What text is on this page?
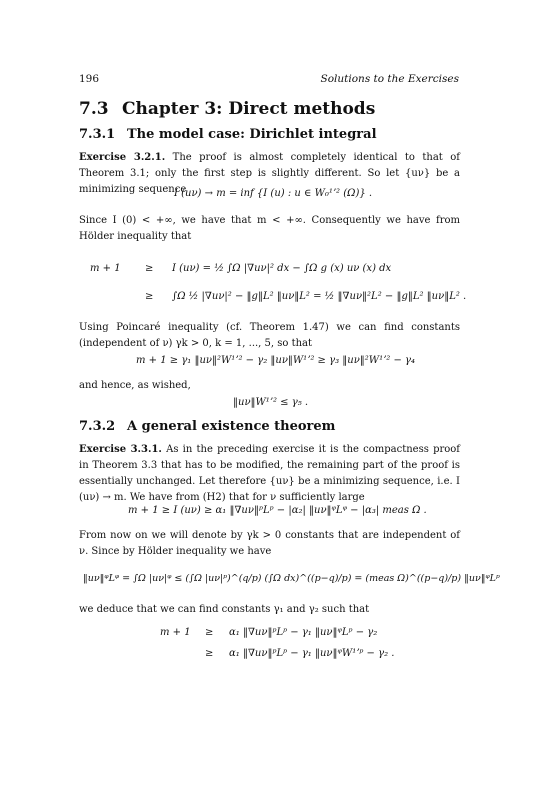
196	Solutions to the Exercises
7.3 Chapter 3: Direct methods
7.3.1 The model case: Dirichlet integral
Exercise 3.2.1. The proof is almost completely identical to that of Theorem 3.1; only the first step is slightly different. So let {uν} be a minimizing sequence
I (uν) → m = inf {I (u) : u ∈ W₀¹ʼ² (Ω)} .
Since I (0) < +∞, we have that m < +∞. Consequently we have from Hölder inequality that
m + 1 ≥ I (uν) = ½ ∫Ω |∇uν|² dx − ∫Ω g (x) uν (x) dx
≥ ∫Ω ½ |∇uν|² − ‖g‖L² ‖uν‖L² = ½ ‖∇uν‖²L² − ‖g‖L² ‖uν‖L² .
Using Poincaré inequality (cf. Theorem 1.47) we can find constants (independent of ν) γk > 0, k = 1, ..., 5, so that
m + 1 ≥ γ₁ ‖uν‖²W¹ʼ² − γ₂ ‖uν‖W¹ʼ² ≥ γ₃ ‖uν‖²W¹ʼ² − γ₄
and hence, as wished,
‖uν‖W¹ʼ² ≤ γ₅ .
7.3.2 A general existence theorem
Exercise 3.3.1. As in the preceding exercise it is the compactness proof in Theorem 3.3 that has to be modified, the remaining part of the proof is essentially unchanged. Let therefore {uν} be a minimizing sequence, i.e. I (uν) → m. We have from (H2) that for ν sufficiently large
m + 1 ≥ I (uν) ≥ α₁ ‖∇uν‖ᵖLᵖ − |α₂| ‖uν‖ᵠLᵠ − |α₃| meas Ω .
From now on we will denote by γk > 0 constants that are independent of ν. Since by Hölder inequality we have
‖uν‖ᵠLᵠ = ∫Ω |uν|ᵠ ≤ (∫Ω |uν|ᵖ)^(q/p) (∫Ω dx)^((p−q)/p) = (meas Ω)^((p−q)/p) ‖uν‖ᵠLᵖ
we deduce that we can find constants γ₁ and γ₂ such that
m + 1 ≥ α₁ ‖∇uν‖ᵖLᵖ − γ₁ ‖uν‖ᵠLᵖ − γ₂
≥ α₁ ‖∇uν‖ᵖLᵖ − γ₁ ‖uν‖ᵠW¹ʼᵖ − γ₂ .
